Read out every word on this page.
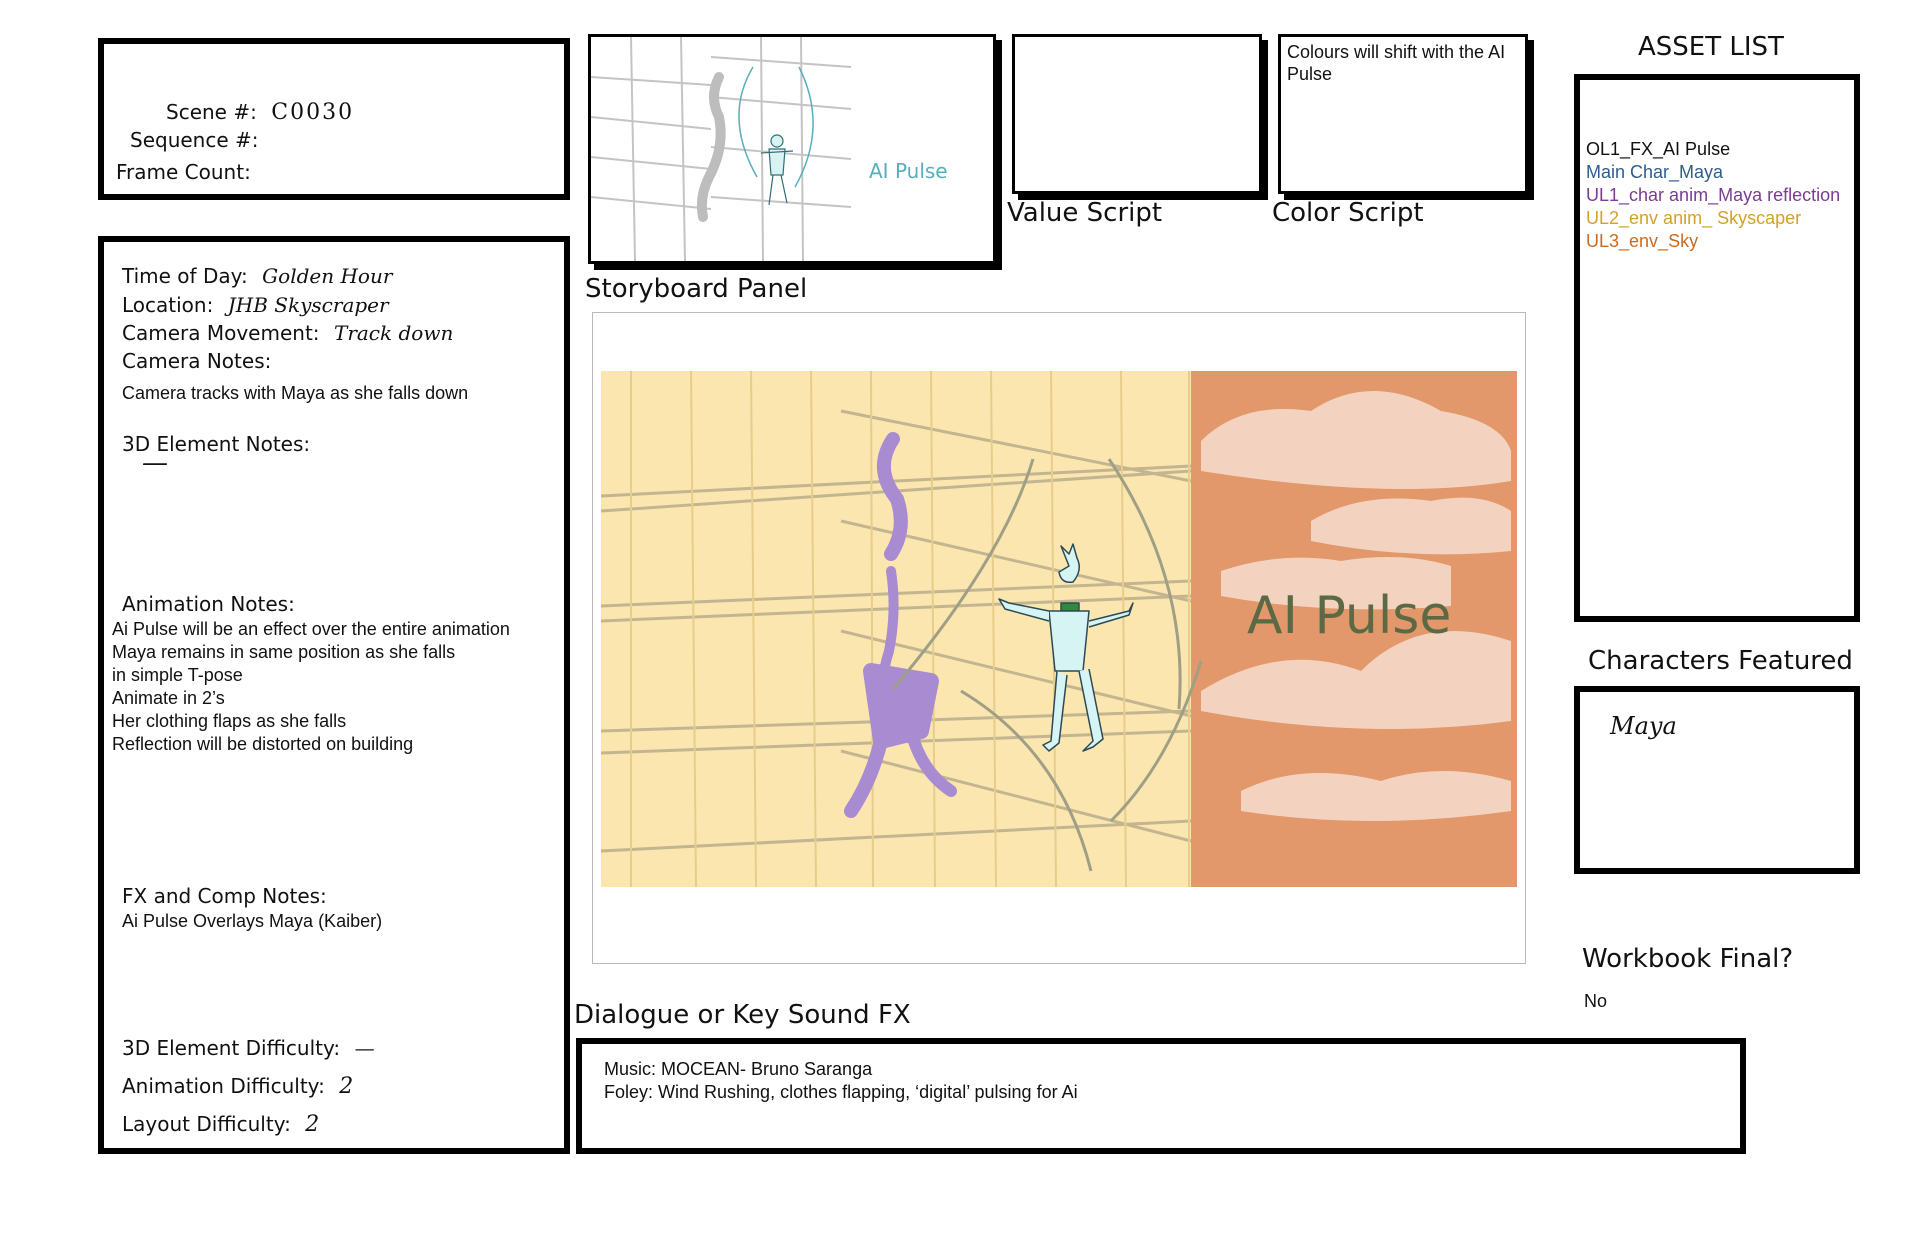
Scene #: C0030
Sequence #:
Frame Count:
Time of Day: Golden Hour
Location: JHB Skyscraper
Camera Movement: Track down
Camera Notes:
Camera tracks with Maya as she falls down
3D Element Notes:
—
Animation Notes:
Ai Pulse will be an effect over the entire animation
Maya remains in same position as she falls
in simple T-pose
Animate in 2’s
Her clothing flaps as she falls
Reflection will be distorted on building
FX and Comp Notes:
Ai Pulse Overlays Maya (Kaiber)
3D Element Difficulty: —
Animation Difficulty: 2
Layout Difficulty: 2
AI Pulse
Value Script
Colours will shift with the AI Pulse
Color Script
Storyboard Panel
AI Pulse
ASSET LIST
OL1_FX_AI Pulse
Main Char_Maya
UL1_char anim_Maya reflection
UL2_env anim_ Skyscaper
UL3_env_Sky
Characters Featured
Maya
Workbook Final?
No
Dialogue or Key Sound FX
Music: MOCEAN- Bruno Saranga
Foley: Wind Rushing, clothes flapping, ‘digital’ pulsing for Ai
